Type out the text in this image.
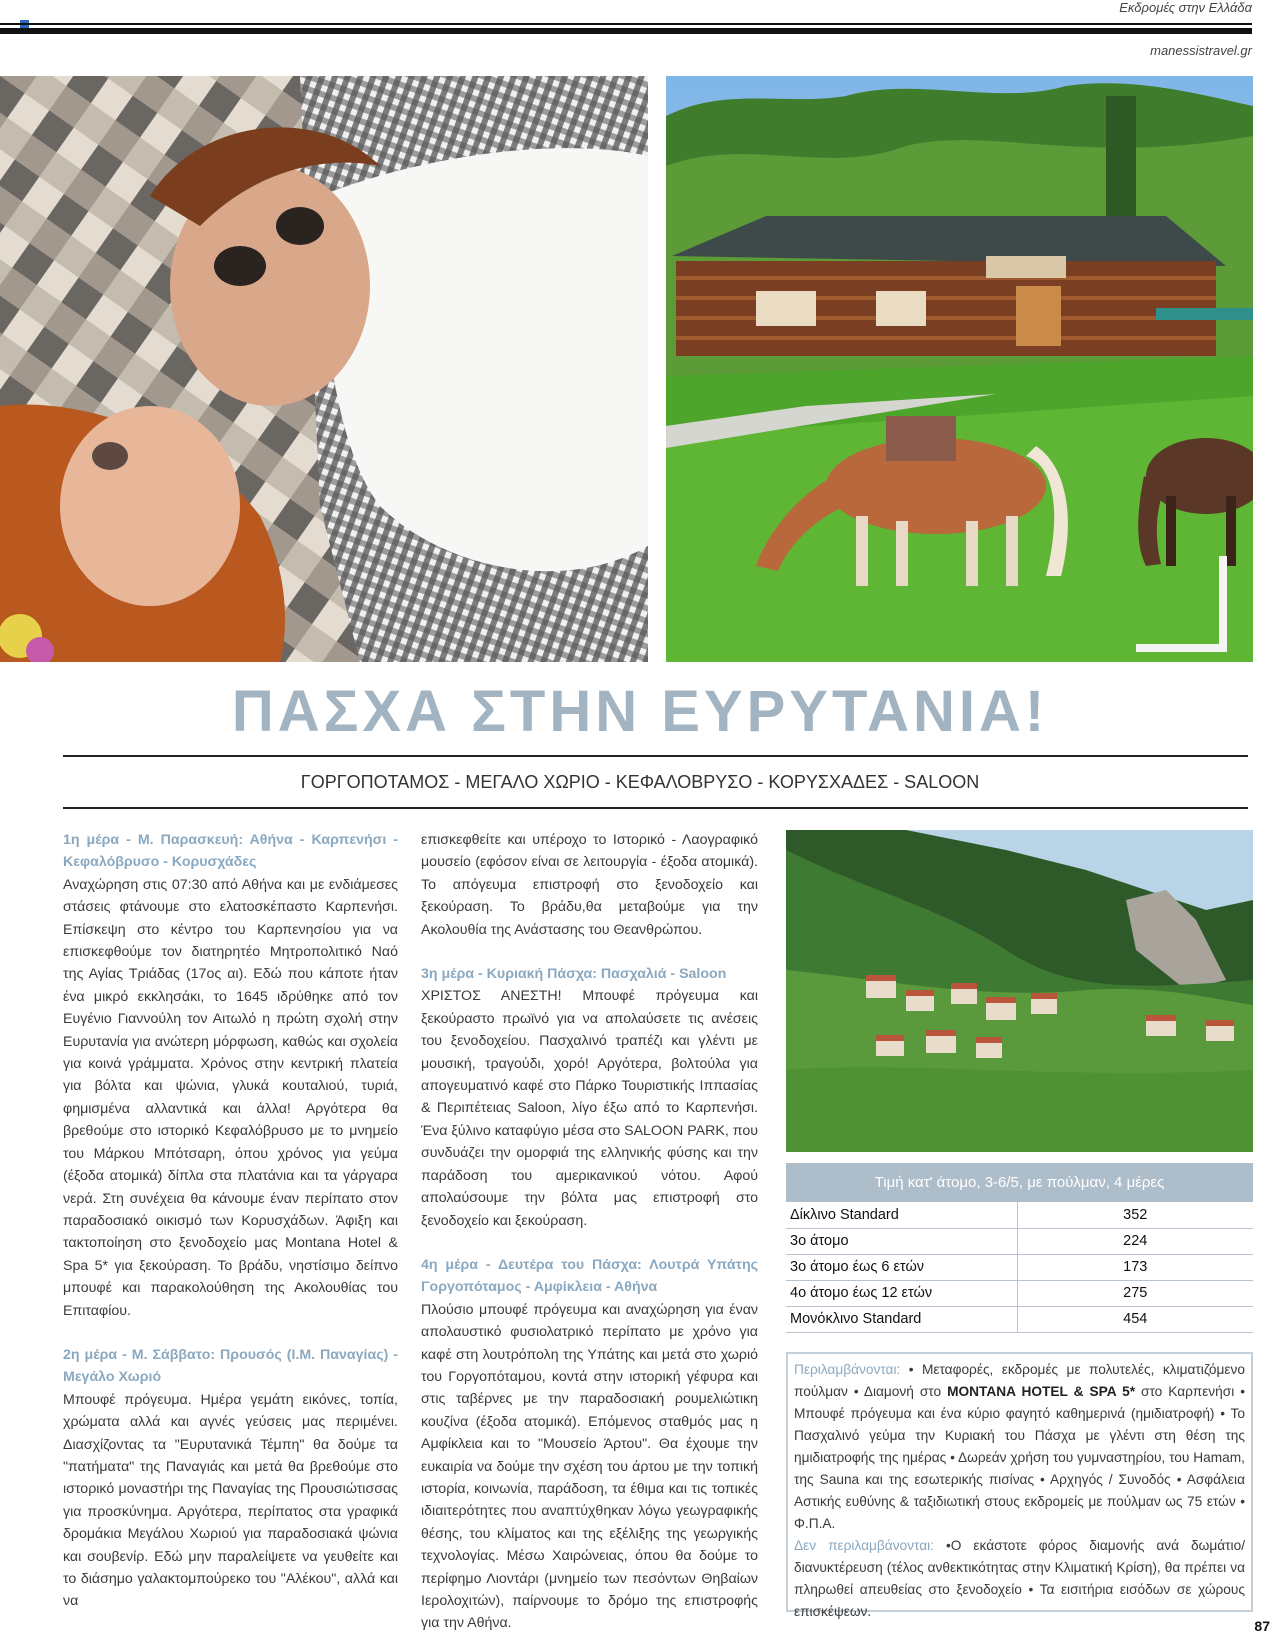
Εκδρομές στην Ελλάδα
manessistravel.gr
ΠΑΣΧΑ ΣΤΗΝ ΕΥΡΥΤΑΝΙΑ!
ΓΟΡΓΟΠΟΤΑΜΟΣ - ΜΕΓΑΛΟ ΧΩΡΙΟ - ΚΕΦΑΛΟΒΡΥΣΟ - ΚΟΡΥΣΧΑΔΕΣ - SALOON

1η μέρα - Μ. Παρασκευή: Αθήνα - Καρπενήσι - Κεφαλόβρυσο - Κορυσχάδες

Αναχώρηση στις 07:30 από Αθήνα και με ενδιάμεσες στάσεις φτάνουμε στο ελατοσκέπαστο Καρπενήσι. Επίσκεψη στο κέντρο του Καρπενησίου για να επισκεφθούμε τον διατηρητέο Μητροπολιτικό Ναό της Αγίας Τριάδας (17ος αι). Εδώ που κάποτε ήταν ένα μικρό εκκλησάκι, το 1645 ιδρύθηκε από τον Ευγένιο Γιαννούλη τον Αιτωλό η πρώτη σχολή στην Ευρυτανία για ανώτερη μόρφωση, καθώς και σχολεία για κοινά γράμματα. Χρόνος στην κεντρική πλατεία για βόλτα και ψώνια, γλυκά κουταλιού, τυριά, φημισμένα αλλαντικά και άλλα! Αργότερα θα βρεθούμε στο ιστορικό Κεφαλόβρυσο με το μνημείο του Μάρκου Μπότσαρη, όπου χρόνος για γεύμα (έξοδα ατομικά) δίπλα στα πλατάνια και τα γάργαρα νερά. Στη συνέχεια θα κάνουμε έναν περίπατο στον παραδοσιακό οικισμό των Κορυσχάδων. Άφιξη και τακτοποίηση στο ξενοδοχείο μας Montana Hotel & Spa 5* για ξεκούραση. Το βράδυ, νηστίσιμο δείπνο μπουφέ και παρακολούθηση της Ακολουθίας του Επιταφίου.

2η μέρα - Μ. Σάββατο: Προυσός (Ι.Μ. Παναγίας) - Μεγάλο Χωριό

Μπουφέ πρόγευμα. Ημέρα γεμάτη εικόνες, τοπία, χρώματα αλλά και αγνές γεύσεις μας περιμένει. Διασχίζοντας τα "Ευρυτανικά Τέμπη" θα δούμε τα "πατήματα" της Παναγιάς και μετά θα βρεθούμε στο ιστορικό μοναστήρι της Παναγίας της Προυσιώτισσας για προσκύνημα. Αργότερα, περίπατος στα γραφικά δρομάκια Μεγάλου Χωριού για παραδοσιακά ψώνια και σουβενίρ. Εδώ μην παραλείψετε να γευθείτε και το διάσημο γαλακτομπούρεκο του "Αλέκου", αλλά και να

επισκεφθείτε και υπέροχο το Ιστορικό - Λαογραφικό μουσείο (εφόσον είναι σε λειτουργία - έξοδα ατομικά). Το απόγευμα επιστροφή στο ξενοδοχείο και ξεκούραση. Το βράδυ,θα μεταβούμε για την Ακολουθία της Ανάστασης του Θεανθρώπου.

3η μέρα - Κυριακή Πάσχα: Πασχαλιά - Saloon

ΧΡΙΣΤΟΣ ΑΝΕΣΤΗ! Μπουφέ πρόγευμα και ξεκούραστο πρωϊνό για να απολαύσετε τις ανέσεις του ξενοδοχείου. Πασχαλινό τραπέζι και γλέντι με μουσική, τραγούδι, χορό! Αργότερα, βολτούλα για απογευματινό καφέ στο Πάρκο Τουριστικής Ιππασίας & Περιπέτειας Saloon, λίγο έξω από το Καρπενήσι. Ένα ξύλινο καταφύγιο μέσα στο SALOON PARK, που συνδυάζει την ομορφιά της ελληνικής φύσης και την παράδοση του αμερικανικού νότου. Αφού απολαύσουμε την βόλτα μας επιστροφή στο ξενοδοχείο και ξεκούραση.

4η μέρα - Δευτέρα του Πάσχα: Λουτρά Υπάτης Γοργοπόταμος - Αμφίκλεια - Αθήνα

Πλούσιο μπουφέ πρόγευμα και αναχώρηση για έναν απολαυστικό φυσιολατρικό περίπατο με χρόνο για καφέ στη λουτρόπολη της Υπάτης και μετά στο χωριό του Γοργοπόταμου, κοντά στην ιστορική γέφυρα και στις ταβέρνες με την παραδοσιακή ρουμελιώτικη κουζίνα (έξοδα ατομικά). Επόμενος σταθμός μας η Αμφίκλεια και το "Μουσείο Άρτου". Θα έχουμε την ευκαιρία να δούμε την σχέση του άρτου με την τοπική ιστορία, κοινωνία, παράδοση, τα έθιμα και τις τοπικές ιδιαιτερότητες που αναπτύχθηκαν λόγω γεωγραφικής θέσης, του κλίματος και της εξέλιξης της γεωργικής τεχνολογίας. Μέσω Χαιρώνειας, όπου θα δούμε το περίφημο Λιοντάρι (μνημείο των πεσόντων Θηβαίων Ιερολοχιτών), παίρνουμε το δρόμο της επιστροφής για την Αθήνα.

Τιμή κατ' άτομο, 3-6/5, με πούλμαν, 4 μέρες
Δίκλινο Standard	352
3ο άτομο	224
3ο άτομο έως 6 ετών	173
4ο άτομο έως 12 ετών	275
Μονόκλινο Standard	454
Περιλαμβάνονται: • Μεταφορές, εκδρομές με πολυτελές, κλιματιζόμενο πούλμαν • Διαμονή στο MONTANA HOTEL & SPA 5* στο Καρπενήσι • Μπουφέ πρόγευμα και ένα κύριο φαγητό καθημερινά (ημιδιατροφή) • Το Πασχαλινό γεύμα την Κυριακή του Πάσχα με γλέντι στη θέση της ημιδιατροφής της ημέρας • Δωρεάν χρήση του γυμναστηρίου, του Hamam, της Sauna και της εσωτερικής πισίνας • Αρχηγός / Συνοδός • Ασφάλεια Αστικής ευθύνης & ταξιδιωτική στους εκδρομείς με πούλμαν ως 75 ετών • Φ.Π.Α.
Δεν περιλαμβάνονται: •Ο εκάστοτε φόρος διαμονής ανά δωμάτιο/ διανυκτέρευση (τέλος ανθεκτικότητας στην Κλιματική Κρίση), θα πρέπει να πληρωθεί απευθείας στο ξενοδοχείο • Τα εισιτήρια εισόδων σε χώρους επισκέψεων.
87
